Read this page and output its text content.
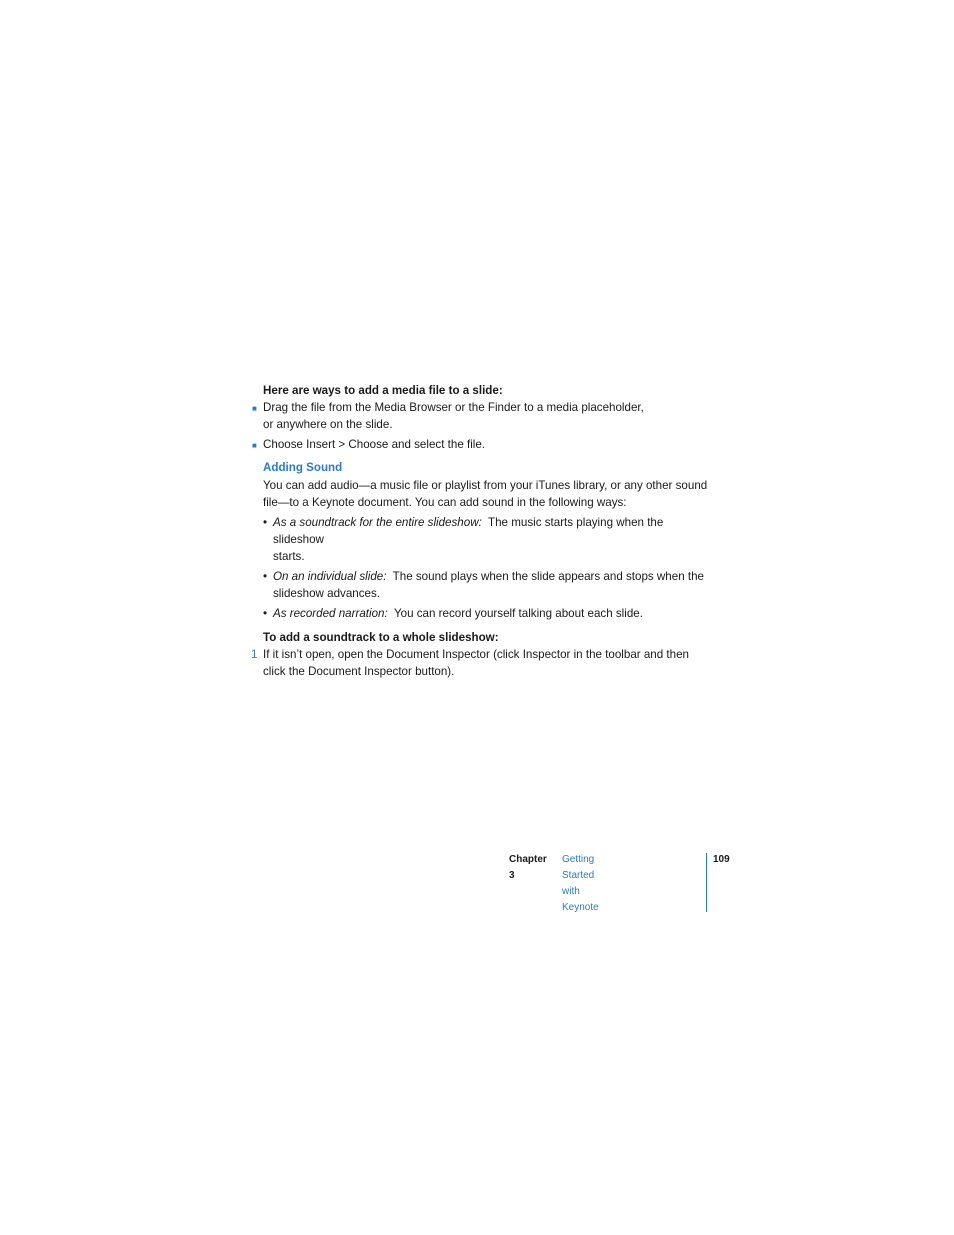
Here are ways to add a media file to a slide:

■ Drag the file from the Media Browser or the Finder to a media placeholder,
or anywhere on the slide.
■ Choose Insert > Choose and select the file.
Adding Sound
You can add audio—a music file or playlist from your iTunes library, or any other sound
file—to a Keynote document. You can add sound in the following ways:
• As a soundtrack for the entire slideshow: The music starts playing when the slideshow
starts.
• On an individual slide: The sound plays when the slide appears and stops when the
slideshow advances.
• As recorded narration: You can record yourself talking about each slide.

To add a soundtrack to a whole slideshow:

1 If it isn’t open, open the Document Inspector (click Inspector in the toolbar and then
click the Document Inspector button).
Chapter 3
Getting Started with Keynote
109
